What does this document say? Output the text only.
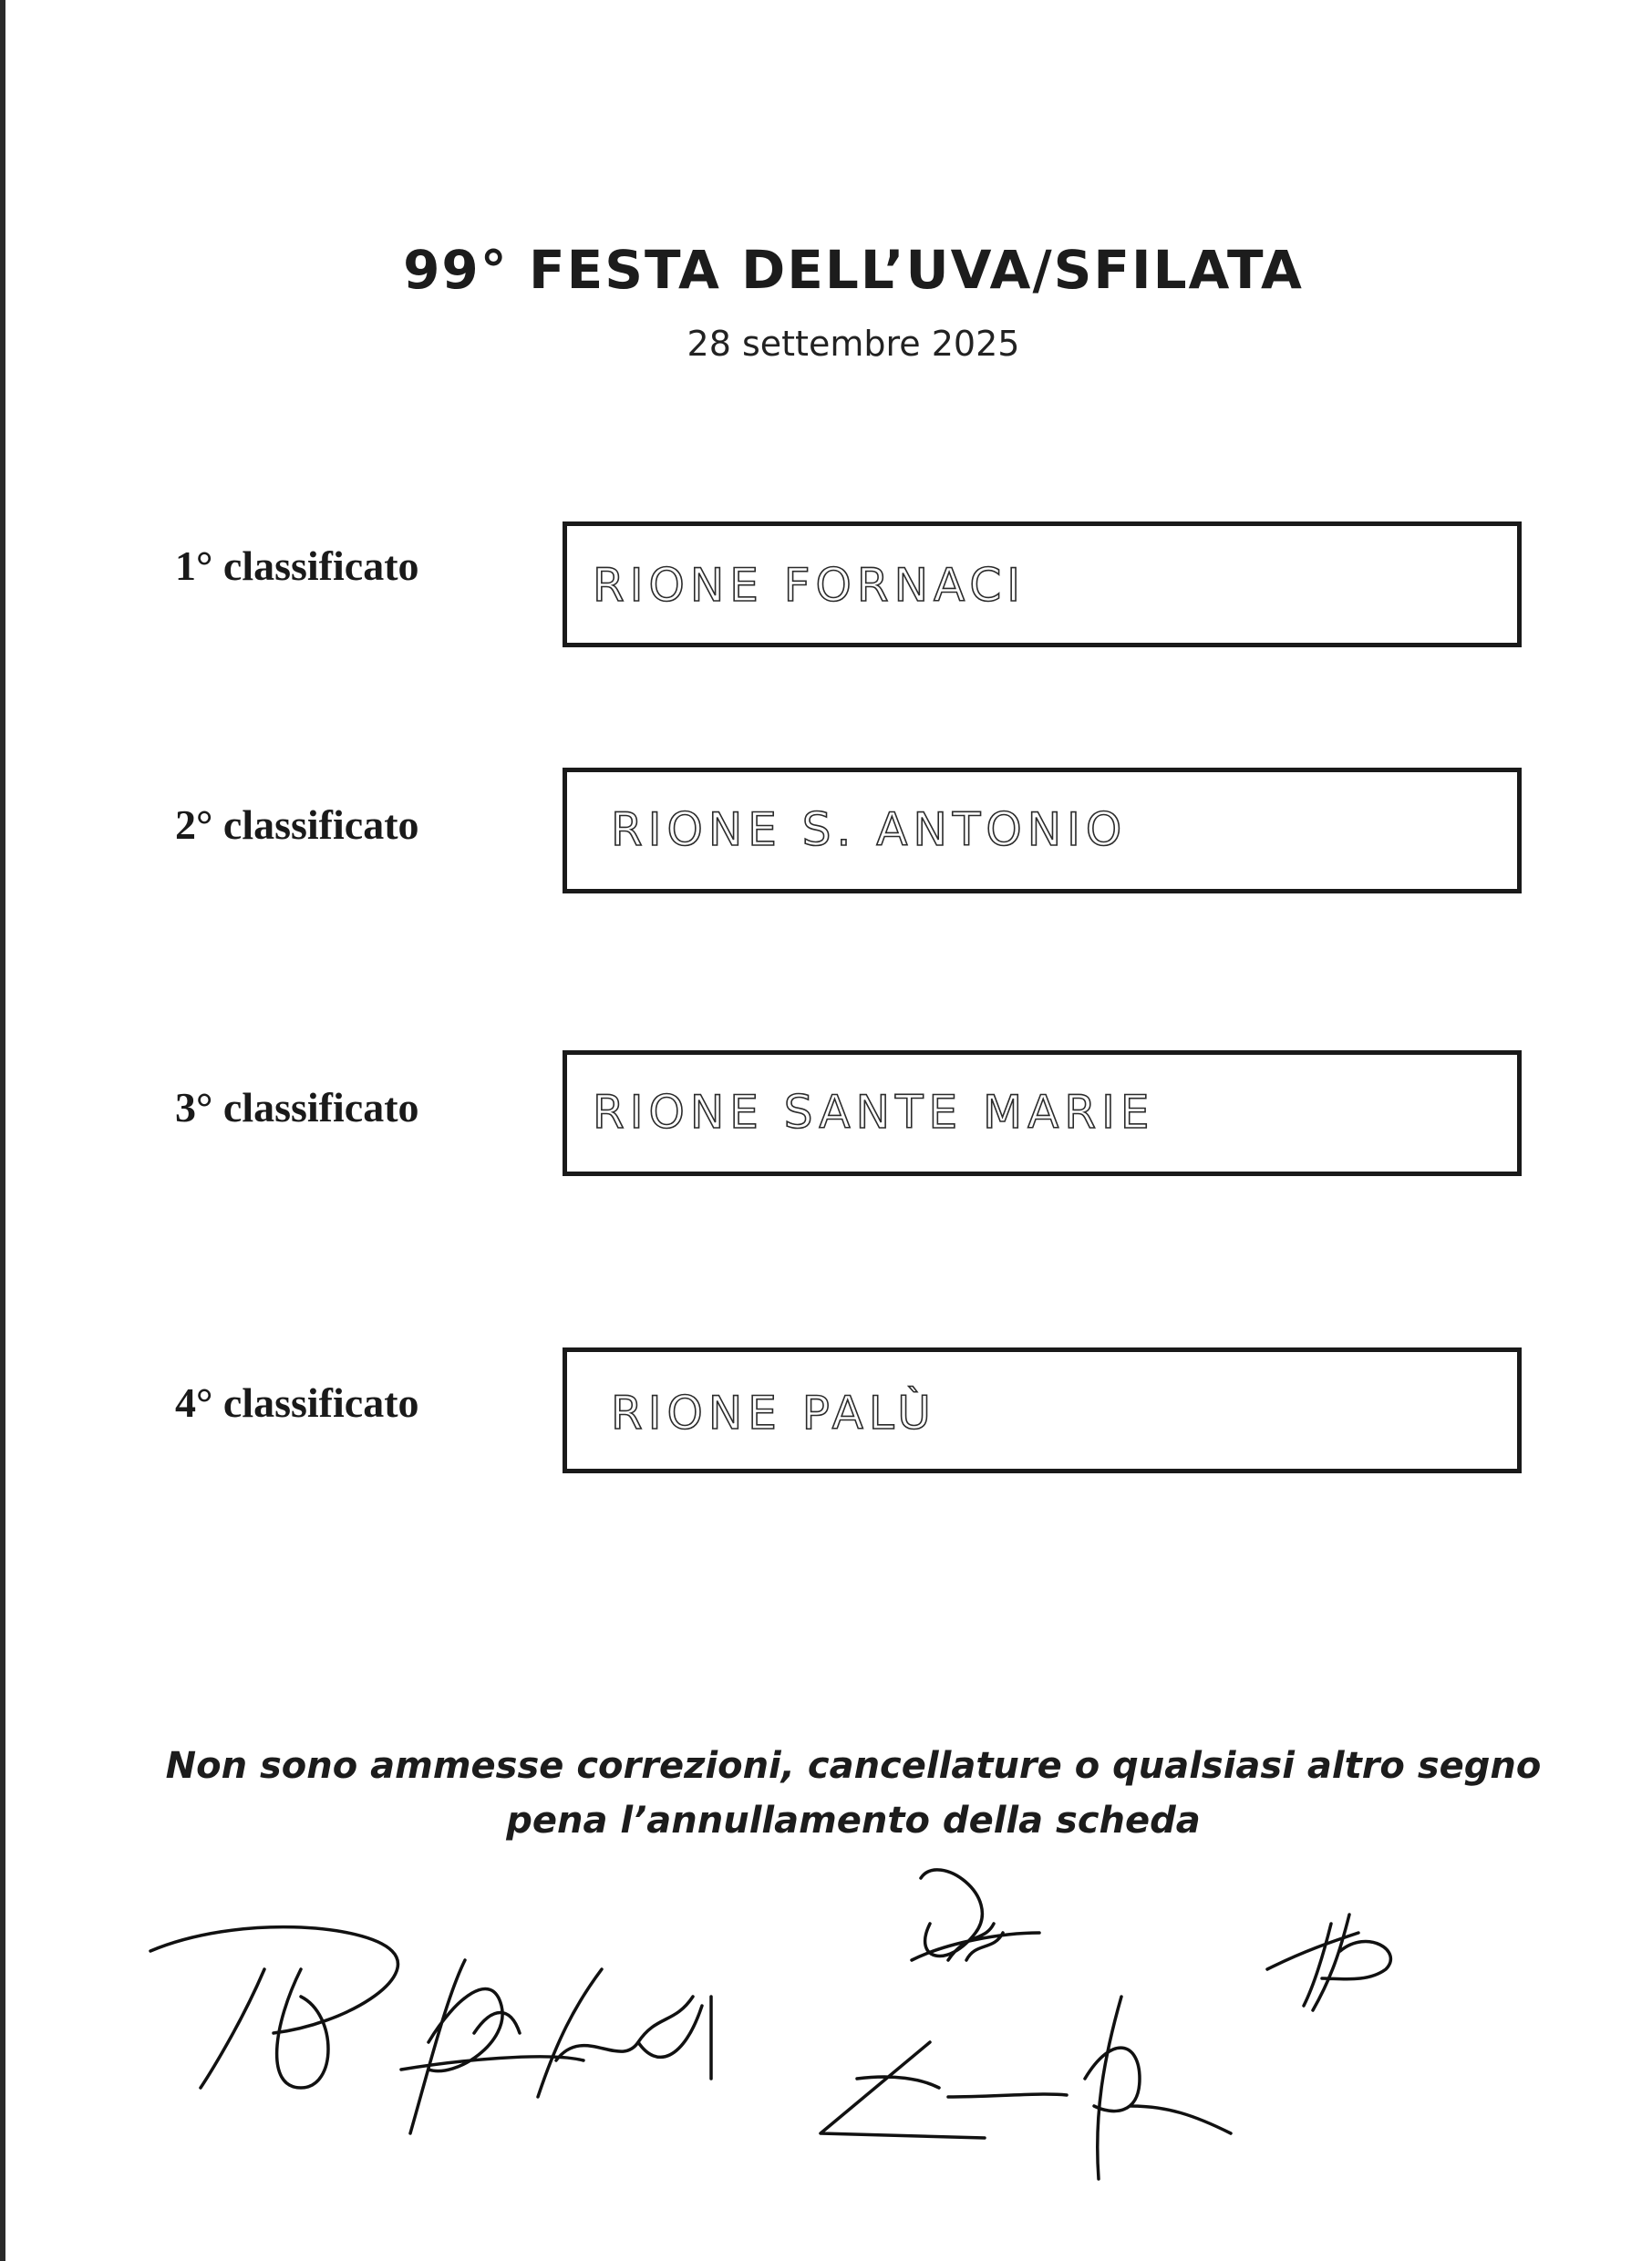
99° FESTA DELL’UVA/SFILATA
28 settembre 2025
1° classificato	RIONE FORNACI
2° classificato	RIONE S. ANTONIO
3° classificato	RIONE SANTE MARIE
4° classificato	RIONE PALÙ
Non sono ammesse correzioni, cancellature o qualsiasi altro segno
pena l’annullamento della scheda
